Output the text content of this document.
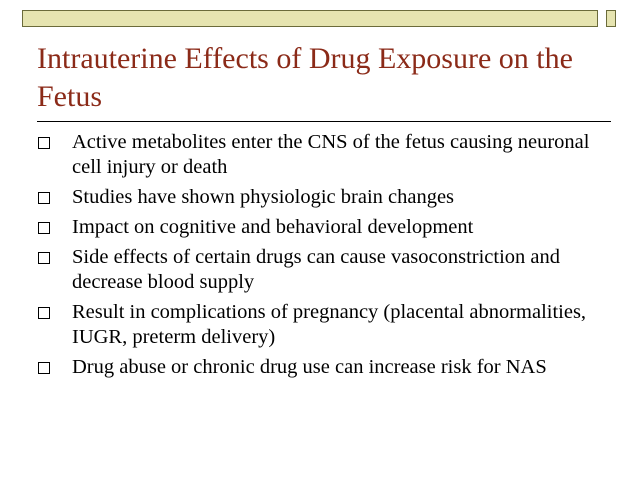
Intrauterine Effects of Drug Exposure on the Fetus
Active metabolites enter the CNS of the fetus causing neuronal cell injury or death
Studies have shown physiologic brain changes
Impact on cognitive and behavioral development
Side effects of certain drugs can cause vasoconstriction and decrease blood supply
Result in complications of pregnancy (placental abnormalities, IUGR, preterm delivery)
Drug abuse or chronic drug use can increase risk for NAS
